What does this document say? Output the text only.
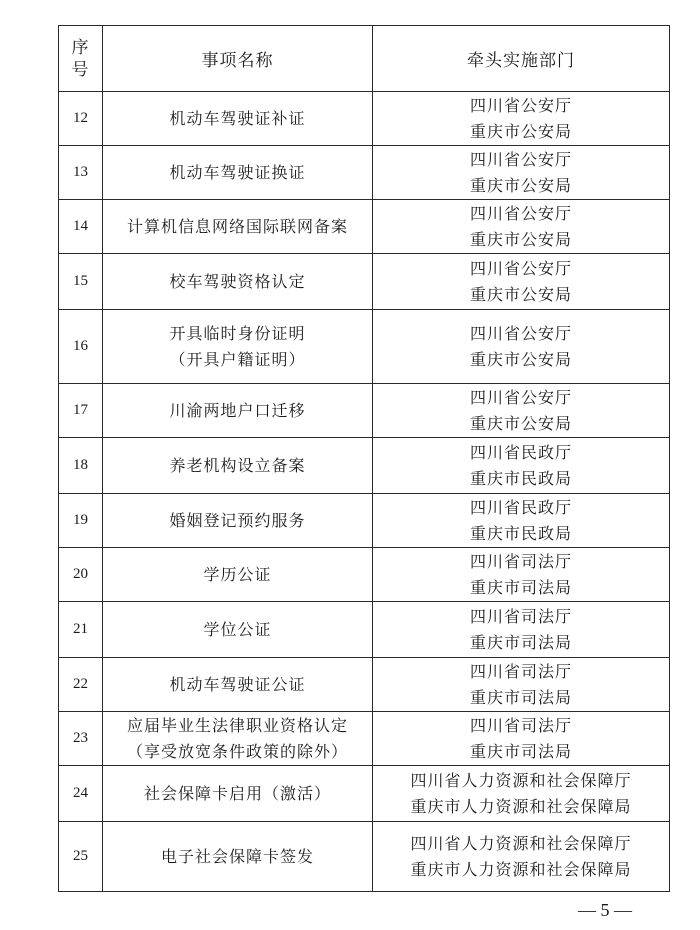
序
号	事项名称	牵头实施部门
12	机动车驾驶证补证	四川省公安厅
重庆市公安局

13	机动车驾驶证换证	四川省公安厅
重庆市公安局

14	计算机信息网络国际联网备案	四川省公安厅
重庆市公安局

15	校车驾驶资格认定	四川省公安厅
重庆市公安局

16	开具临时身份证明
（开具户籍证明）	四川省公安厅
重庆市公安局

17	川渝两地户口迁移	四川省公安厅
重庆市公安局

18	养老机构设立备案	四川省民政厅
重庆市民政局

19	婚姻登记预约服务	四川省民政厅
重庆市民政局

20	学历公证	四川省司法厅
重庆市司法局

21	学位公证	四川省司法厅
重庆市司法局

22	机动车驾驶证公证	四川省司法厅
重庆市司法局

23	应届毕业生法律职业资格认定
（享受放宽条件政策的除外）	四川省司法厅
重庆市司法局

24	社会保障卡启用（激活）	四川省人力资源和社会保障厅
重庆市人力资源和社会保障局

25	电子社会保障卡签发	四川省人力资源和社会保障厅
重庆市人力资源和社会保障局
— 5 —
